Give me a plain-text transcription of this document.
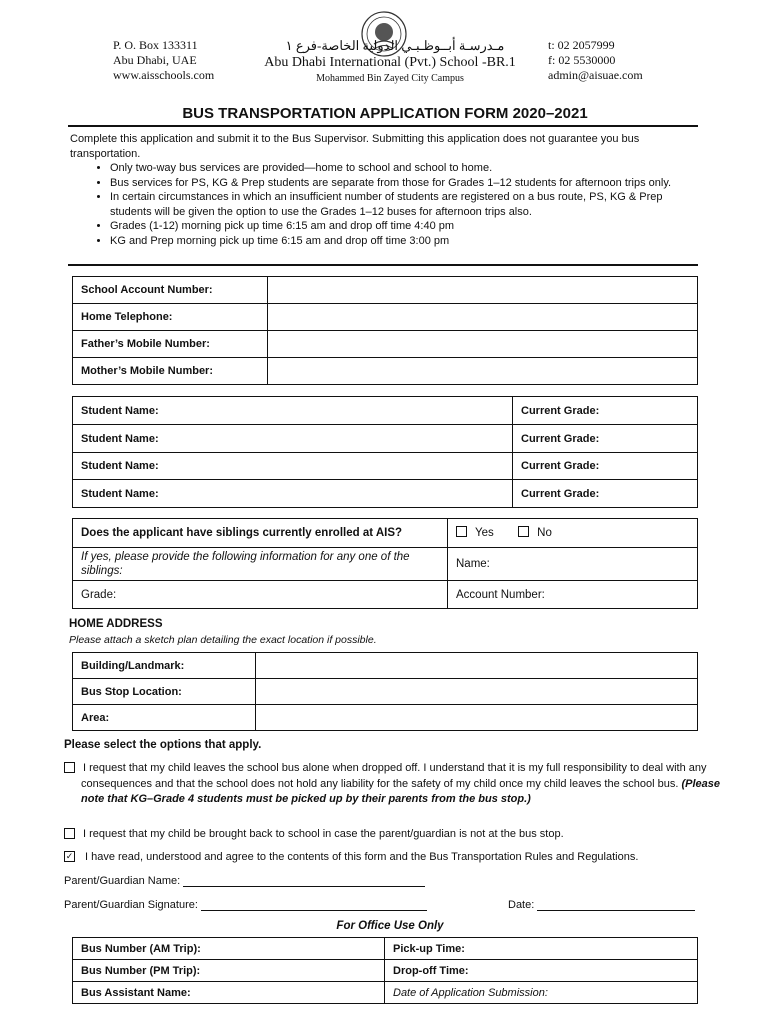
P. O. Box 133311
Abu Dhabi, UAE
www.aisschools.com
مـدرسـة أبــوظـبـي الدولية الخاصة-فرع ١
Abu Dhabi International (Pvt.) School -BR.1
Mohammed Bin Zayed City Campus
t: 02 2057999
f: 02 5530000
admin@aisuae.com
BUS TRANSPORTATION APPLICATION FORM 2020–2021
Complete this application and submit it to the Bus Supervisor. Submitting this application does not guarantee you bus transportation.
• Only two-way bus services are provided—home to school and school to home.
• Bus services for PS, KG & Prep students are separate from those for Grades 1–12 students for afternoon trips only.
• In certain circumstances in which an insufficient number of students are registered on a bus route, PS, KG & Prep students will be given the option to use the Grades 1–12 buses for afternoon trips also.
• Grades (1-12) morning pick up time 6:15 am and drop off time 4:40 pm
• KG and Prep morning pick up time 6:15 am and drop off time 3:00 pm
School Account Number:	
Home Telephone:	
Father’s Mobile Number:	
Mother’s Mobile Number:	
Student Name:	Current Grade:
Student Name:	Current Grade:
Student Name:	Current Grade:
Student Name:	Current Grade:
Does the applicant have siblings currently enrolled at AIS?	Yes No
If yes, please provide the following information for any one of the siblings:	Name:
Grade:	Account Number:
HOME ADDRESS
Please attach a sketch plan detailing the exact location if possible.
Building/Landmark:	
Bus Stop Location:	
Area:	
Please select the options that apply.
I request that my child leaves the school bus alone when dropped off. I understand that it is my full responsibility to deal with any consequences and that the school does not hold any liability for the safety of my child once my child leaves the school bus. (Please note that KG–Grade 4 students must be picked up by their parents from the bus stop.)
I request that my child be brought back to school in case the parent/guardian is not at the bus stop.
✓ I have read, understood and agree to the contents of this form and the Bus Transportation Rules and Regulations.
Parent/Guardian Name:
Parent/Guardian Signature:	Date:
For Office Use Only
Bus Number (AM Trip):	Pick-up Time:
Bus Number (PM Trip):	Drop-off Time:
Bus Assistant Name:	Date of Application Submission:
